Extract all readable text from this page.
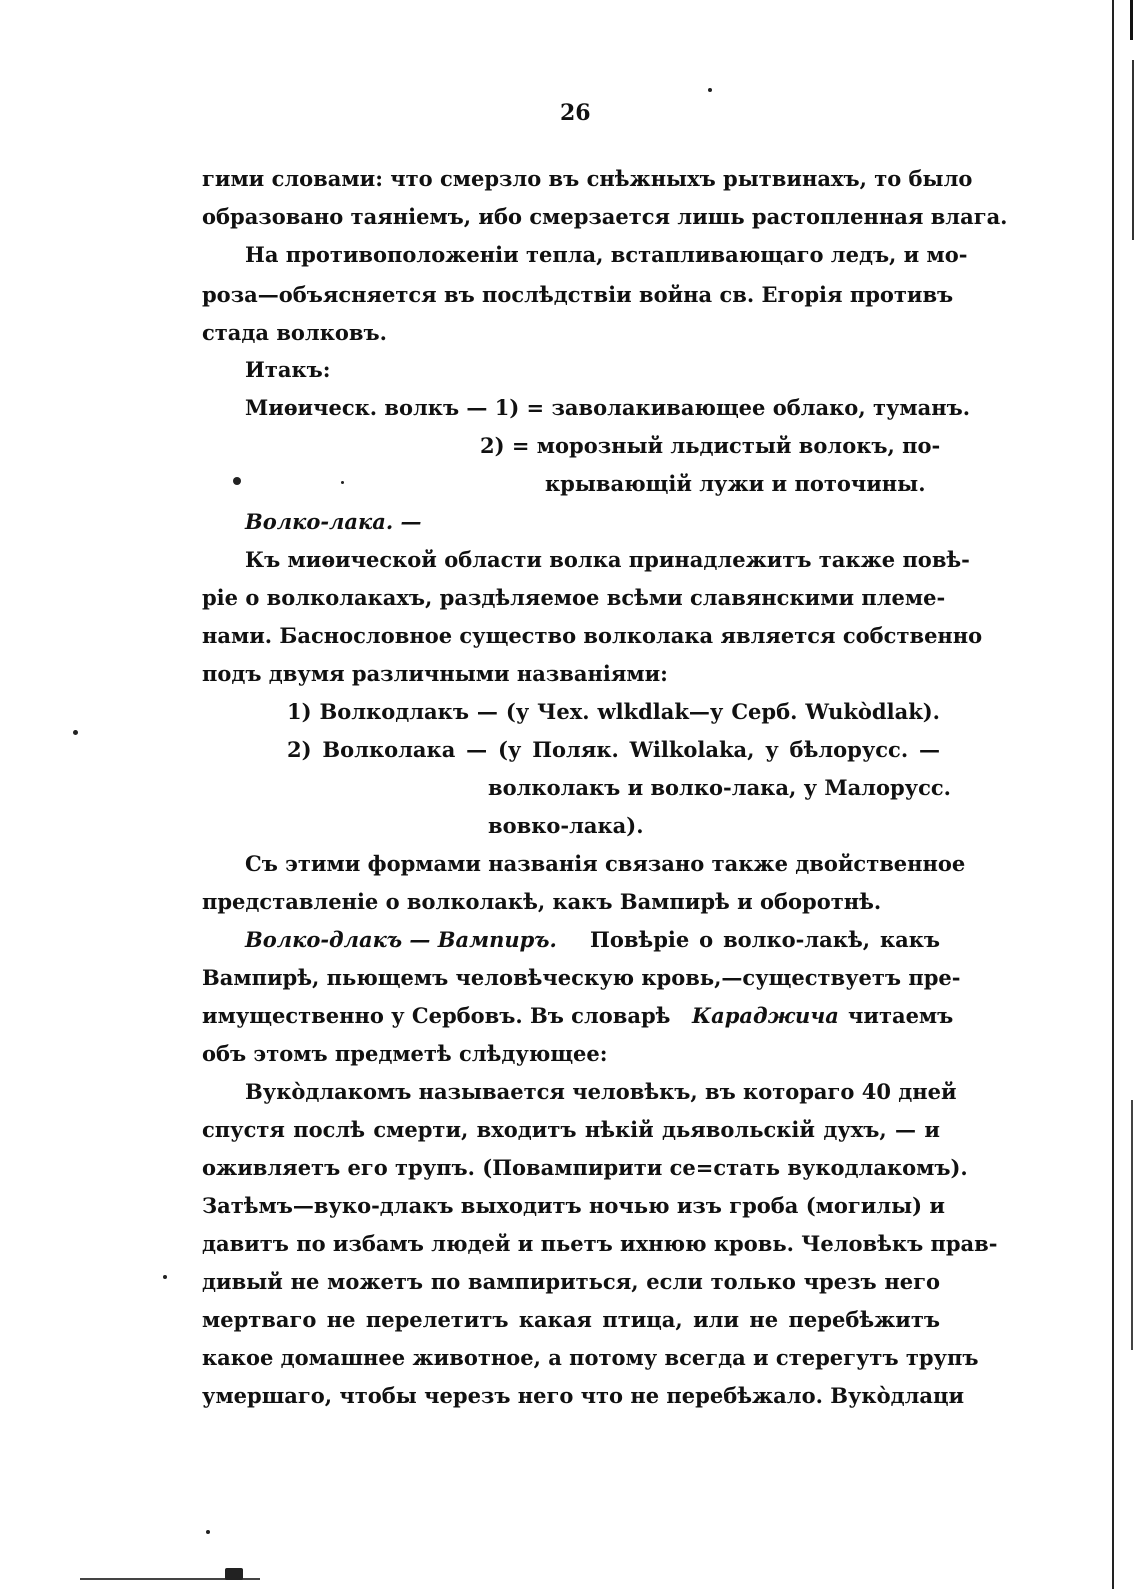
26
гими словами: что смерзло въ снѣжныхъ рытвинахъ, то было
образовано таяніемъ, ибо смерзается лишь растопленная влага.
На противоположеніи тепла, встапливающаго ледъ, и мо-
роза—объясняется въ послѣдствіи война св. Егорія противъ
стада волковъ.
Итакъ:
Миѳическ. волкъ — 1) = заволакивающее облако, туманъ.
2) = морозный льдистый волокъ, по-
крывающій лужи и поточины.
Волко-лака. —
Къ миѳической области волка принадлежитъ также повѣ-
ріе о волколакахъ, раздѣляемое всѣми славянскими племе-
нами. Баснословное существо волколака является собственно
подъ двумя различными названіями:
1) Волкодлакъ — (у Чех. wlkdlak—у Серб. Wukòdlak).
2) Волколака — (у Поляк. Wilkolaka, у бѣлорусс. —
волколакъ и волко-лака, у Малорусс.
вовко-лака).
Съ этими формами названія связано также двойственное
представленіе о волколакѣ, какъ Вампирѣ и оборотнѣ.
Волко-длакъ — Вампиръ. Повѣріе о волко-лакѣ, какъ
Вампирѣ, пьющемъ человѣческую кровь,—существуетъ пре-
имущественно у Сербовъ. Въ словарѣ Караджича читаемъ
объ этомъ предметѣ слѣдующее:
Вукòдлакомъ называется человѣкъ, въ котораго 40 дней
спустя послѣ смерти, входитъ нѣкій дьявольскій духъ, — и
оживляетъ его трупъ. (Повампирити се=стать вукодлакомъ).
Затѣмъ—вуко-длакъ выходитъ ночью изъ гроба (могилы) и
давитъ по избамъ людей и пьетъ ихнюю кровь. Человѣкъ прав-
дивый не можетъ по вампириться, если только чрезъ него
мертваго не перелетитъ какая птица, или не перебѣжитъ
какое домашнее животное, а потому всегда и стерегутъ трупъ
умершаго, чтобы черезъ него что не перебѣжало. Вукòдлаци
